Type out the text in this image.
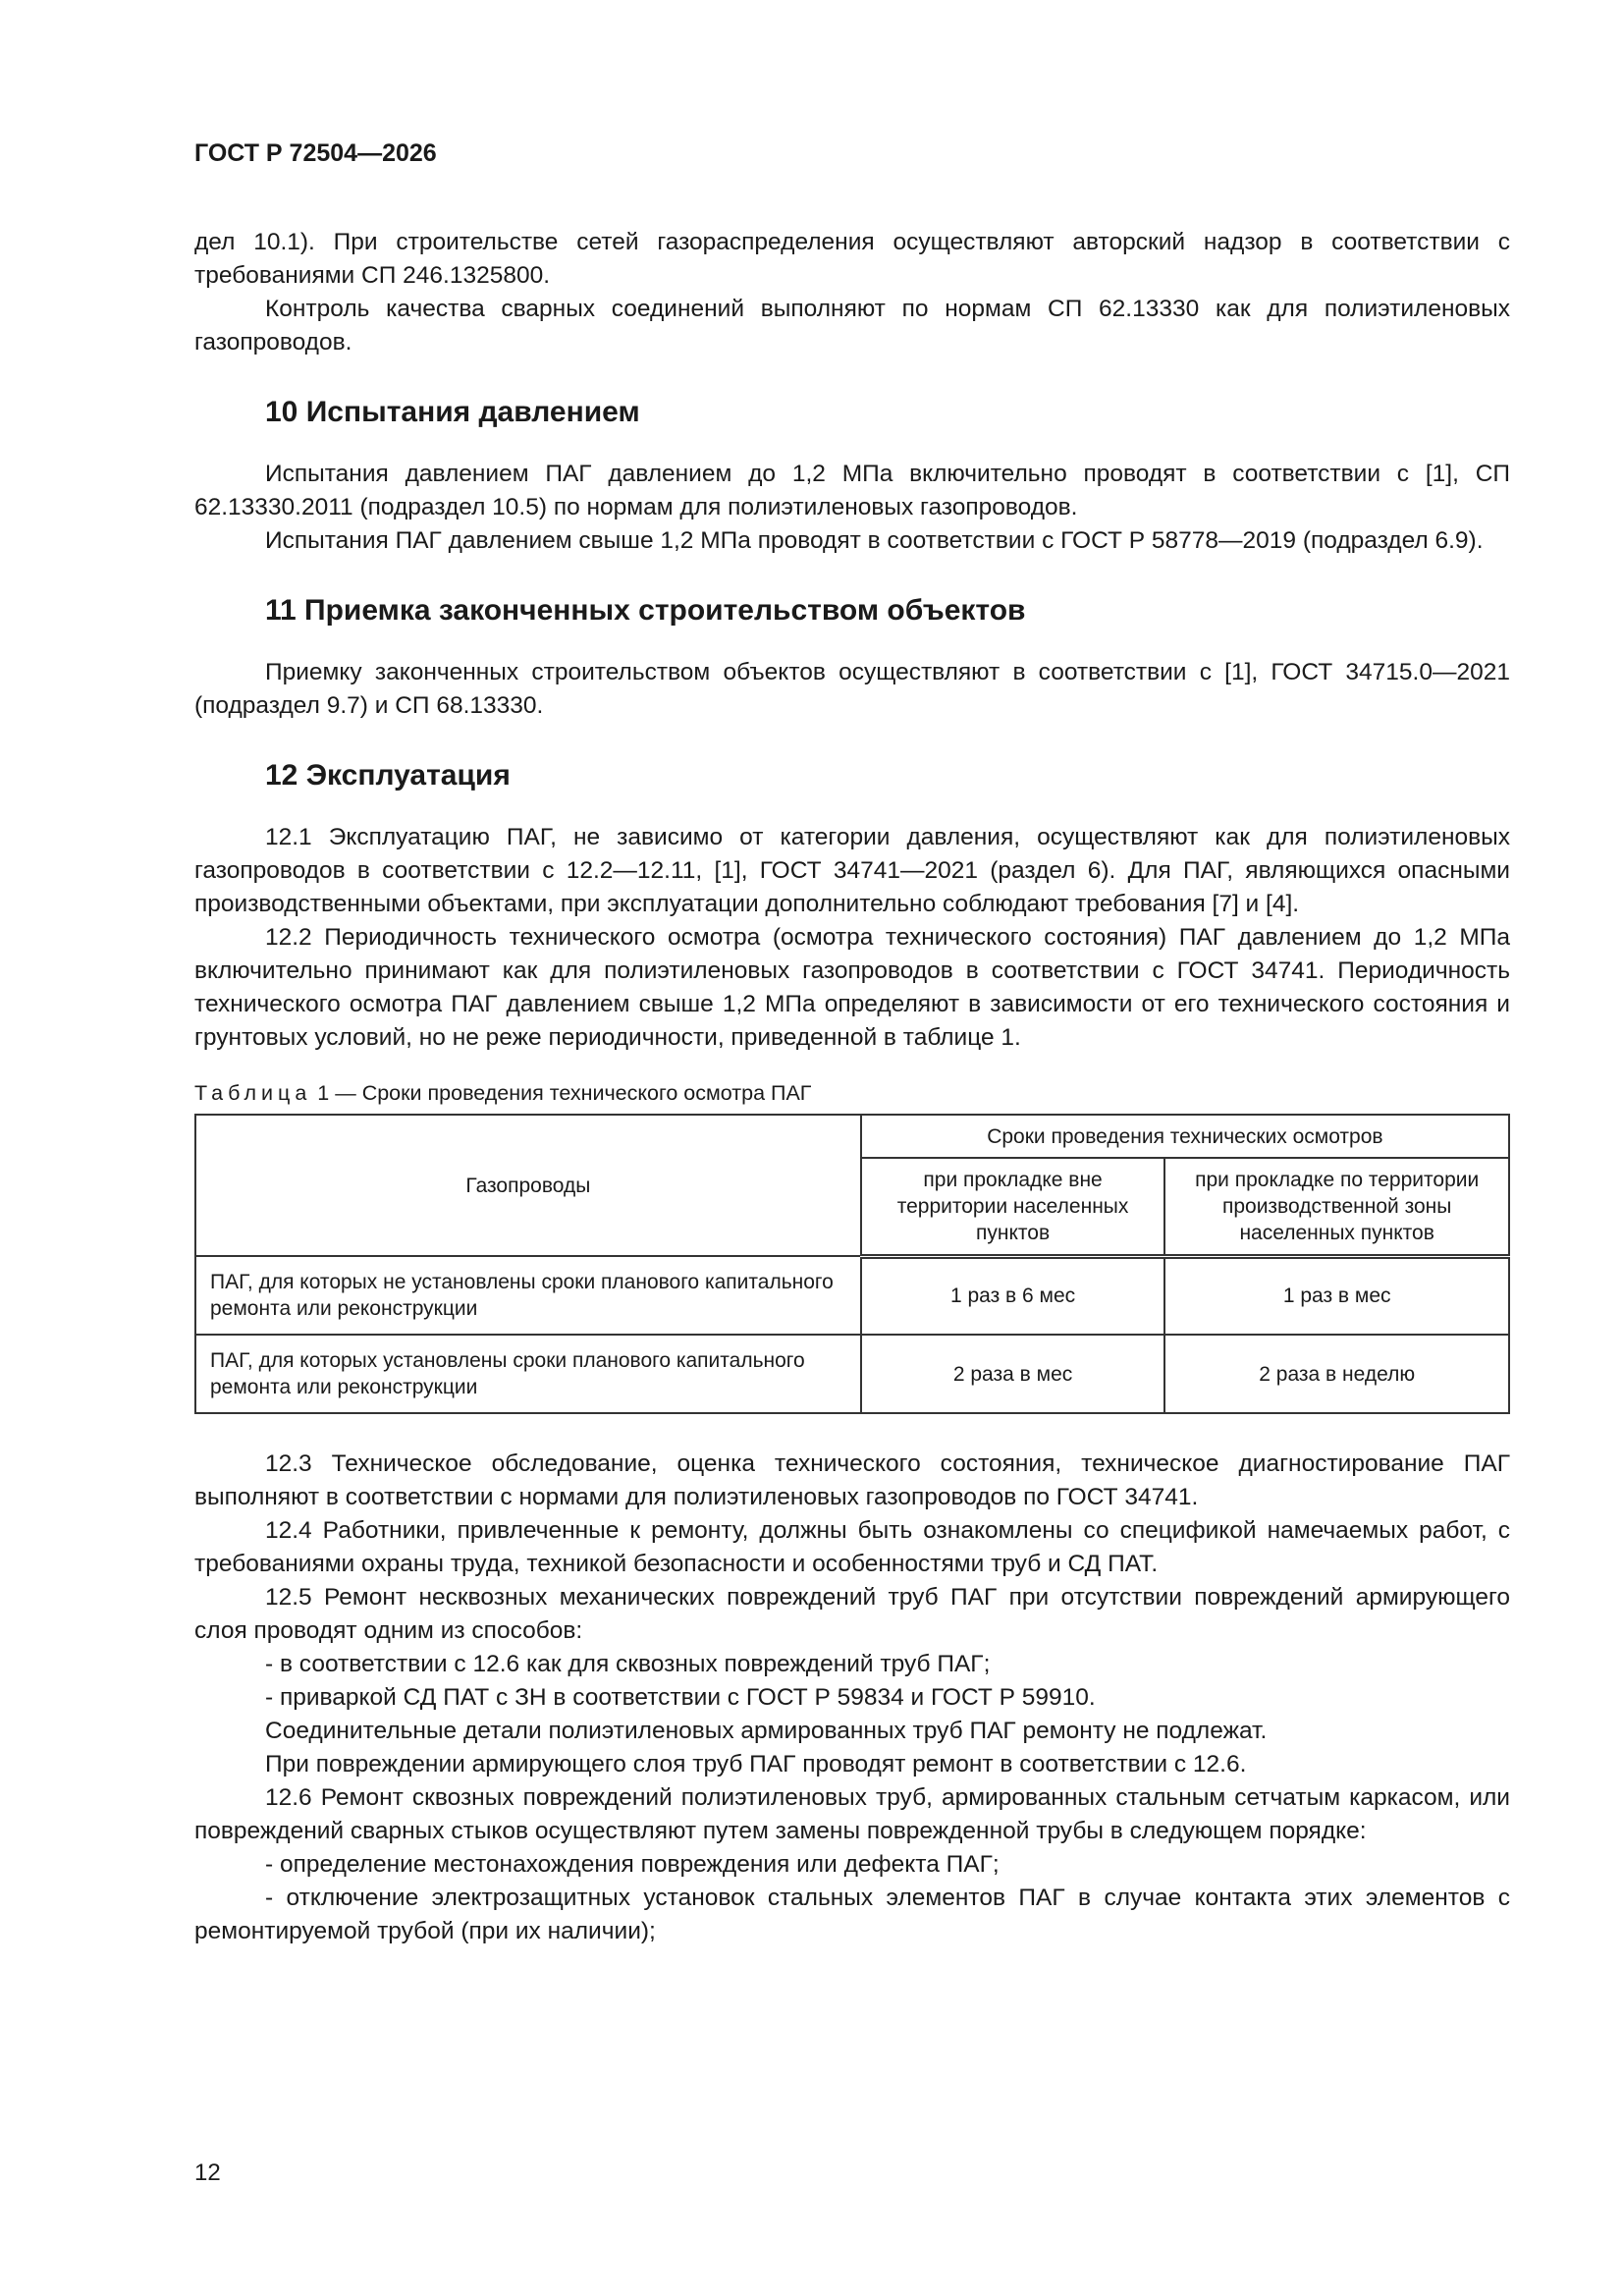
ГОСТ Р 72504—2026

дел 10.1). При строительстве сетей газораспределения осуществляют авторский надзор в соответствии с требованиями СП 246.1325800.

Контроль качества сварных соединений выполняют по нормам СП 62.13330 как для полиэтиленовых газопроводов.

10 Испытания давлением

Испытания давлением ПАГ давлением до 1,2 МПа включительно проводят в соответствии с [1], СП 62.13330.2011 (подраздел 10.5) по нормам для полиэтиленовых газопроводов.

Испытания ПАГ давлением свыше 1,2 МПа проводят в соответствии с ГОСТ Р 58778—2019 (подраздел 6.9).

11 Приемка законченных строительством объектов

Приемку законченных строительством объектов осуществляют в соответствии с [1], ГОСТ 34715.0—2021 (подраздел 9.7) и СП 68.13330.

12 Эксплуатация

12.1 Эксплуатацию ПАГ, не зависимо от категории давления, осуществляют как для полиэтиленовых газопроводов в соответствии с 12.2—12.11, [1], ГОСТ 34741—2021 (раздел 6). Для ПАГ, являющихся опасными производственными объектами, при эксплуатации дополнительно соблюдают требования [7] и [4].

12.2 Периодичность технического осмотра (осмотра технического состояния) ПАГ давлением до 1,2 МПа включительно принимают как для полиэтиленовых газопроводов в соответствии с ГОСТ 34741. Периодичность технического осмотра ПАГ давлением свыше 1,2 МПа определяют в зависимости от его технического состояния и грунтовых условий, но не реже периодичности, приведенной в таблице 1.

Таблица 1 — Сроки проведения технического осмотра ПАГ
Газопроводы	Сроки проведения технических осмотров	
	при прокладке вне территории населенных пунктов	при прокладке по территории производственной зоны населенных пунктов
ПАГ, для которых не установлены сроки планового капитального ремонта или реконструкции	1 раз в 6 мес	1 раз в мес
ПАГ, для которых установлены сроки планового капитального ремонта или реконструкции	2 раза в мес	2 раза в неделю

12.3 Техническое обследование, оценка технического состояния, техническое диагностирование ПАГ выполняют в соответствии с нормами для полиэтиленовых газопроводов по ГОСТ 34741.

12.4 Работники, привлеченные к ремонту, должны быть ознакомлены со спецификой намечаемых работ, с требованиями охраны труда, техникой безопасности и особенностями труб и СД ПАТ.

12.5 Ремонт несквозных механических повреждений труб ПАГ при отсутствии повреждений армирующего слоя проводят одним из способов:

- в соответствии с 12.6 как для сквозных повреждений труб ПАГ;

- приваркой СД ПАТ с ЗН в соответствии с ГОСТ Р 59834 и ГОСТ Р 59910.

Соединительные детали полиэтиленовых армированных труб ПАГ ремонту не подлежат.

При повреждении армирующего слоя труб ПАГ проводят ремонт в соответствии с 12.6.

12.6 Ремонт сквозных повреждений полиэтиленовых труб, армированных стальным сетчатым каркасом, или повреждений сварных стыков осуществляют путем замены поврежденной трубы в следующем порядке:

- определение местонахождения повреждения или дефекта ПАГ;

- отключение электрозащитных установок стальных элементов ПАГ в случае контакта этих элементов с ремонтируемой трубой (при их наличии);

12
